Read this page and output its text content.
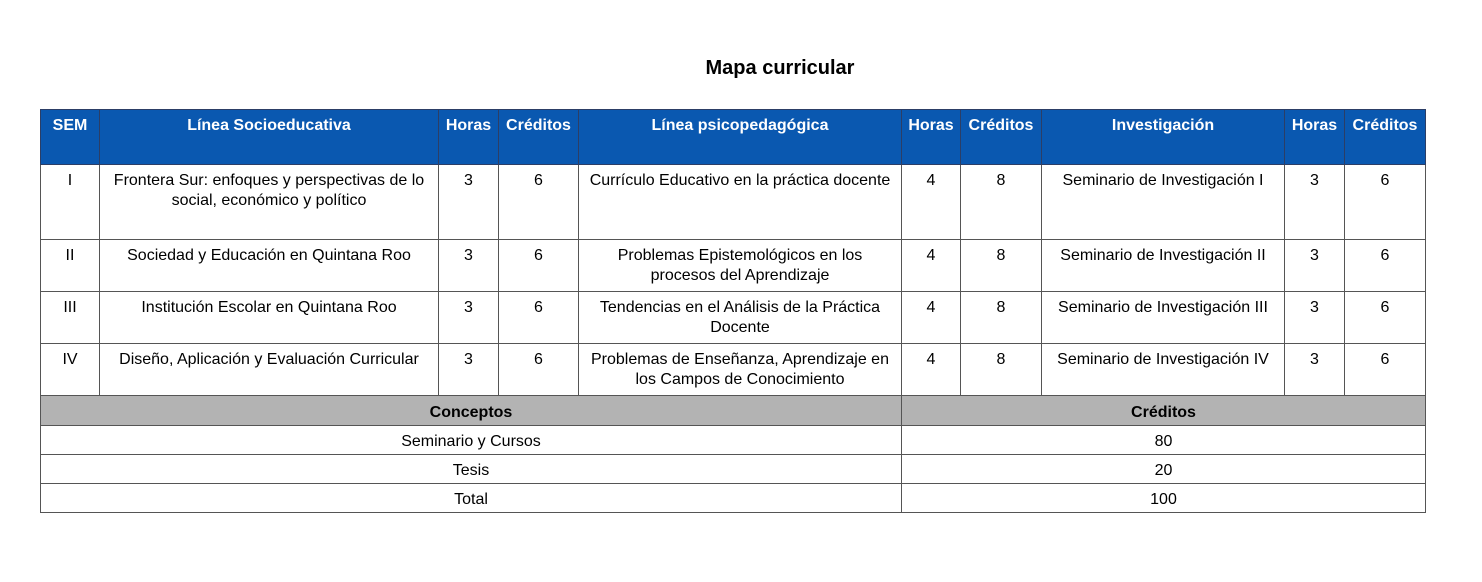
Mapa curricular
SEM	Línea Socioeducativa	Horas	Créditos	Línea psicopedagógica	Horas	Créditos	Investigación	Horas	Créditos
I	Frontera Sur: enfoques y perspectivas de lo social, económico y político	3	6	Currículo Educativo en la práctica docente	4	8	Seminario de Investigación I	3	6
II	Sociedad y Educación en Quintana Roo	3	6	Problemas Epistemológicos en los procesos del Aprendizaje	4	8	Seminario de Investigación II	3	6
III	Institución Escolar en Quintana Roo	3	6	Tendencias en el Análisis de la Práctica Docente	4	8	Seminario de Investigación III	3	6
IV	Diseño, Aplicación y Evaluación Curricular	3	6	Problemas de Enseñanza, Aprendizaje en los Campos de Conocimiento	4	8	Seminario de Investigación IV	3	6
Conceptos					Créditos				
Seminario y Cursos					80				
Tesis					20				
Total					100				
